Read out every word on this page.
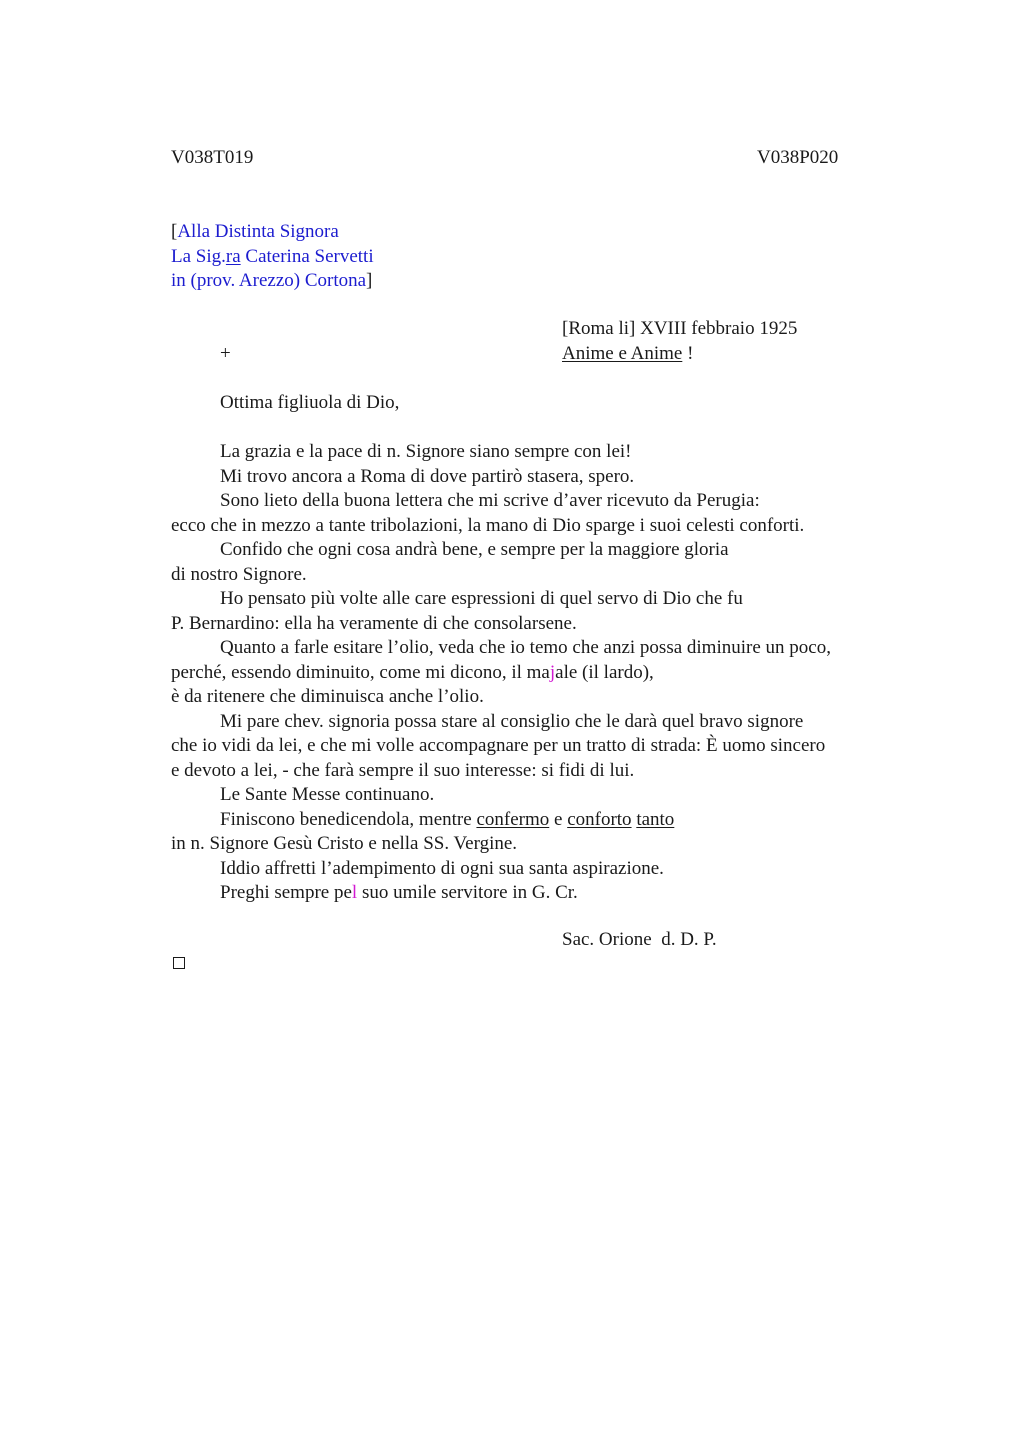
V038T019	V038P020
[Alla Distinta Signora
La Sig.ra Caterina Servetti
in (prov. Arezzo) Cortona]
[Roma li] XVIII febbraio 1925
+	Anime e Anime !
Ottima figliuola di Dio,
La grazia e la pace di n. Signore siano sempre con lei!
Mi trovo ancora a Roma di dove partirò stasera, spero.
Sono lieto della buona lettera che mi scrive d’aver ricevuto da Perugia:
ecco che in mezzo a tante tribolazioni, la mano di Dio sparge i suoi celesti conforti.
Confido che ogni cosa andrà bene, e sempre per la maggiore gloria
di nostro Signore.
Ho pensato più volte alle care espressioni di quel servo di Dio che fu
P. Bernardino: ella ha veramente di che consolarsene.
Quanto a farle esitare l’olio, veda che io temo che anzi possa diminuire un poco,
perché, essendo diminuito, come mi dicono, il majale (il lardo),
è da ritenere che diminuisca anche l’olio.
Mi pare chev. signoria possa stare al consiglio che le darà quel bravo signore
che io vidi da lei, e che mi volle accompagnare per un tratto di strada: È uomo sincero
e devoto a lei, - che farà sempre il suo interesse: si fidi di lui.
Le Sante Messe continuano.
Finiscono benedicendola, mentre confermo e conforto tanto
in n. Signore Gesù Cristo e nella SS. Vergine.
Iddio affretti l’adempimento di ogni sua santa aspirazione.
Preghi sempre pel suo umile servitore in G. Cr.
Sac. Orione  d. D. P.
